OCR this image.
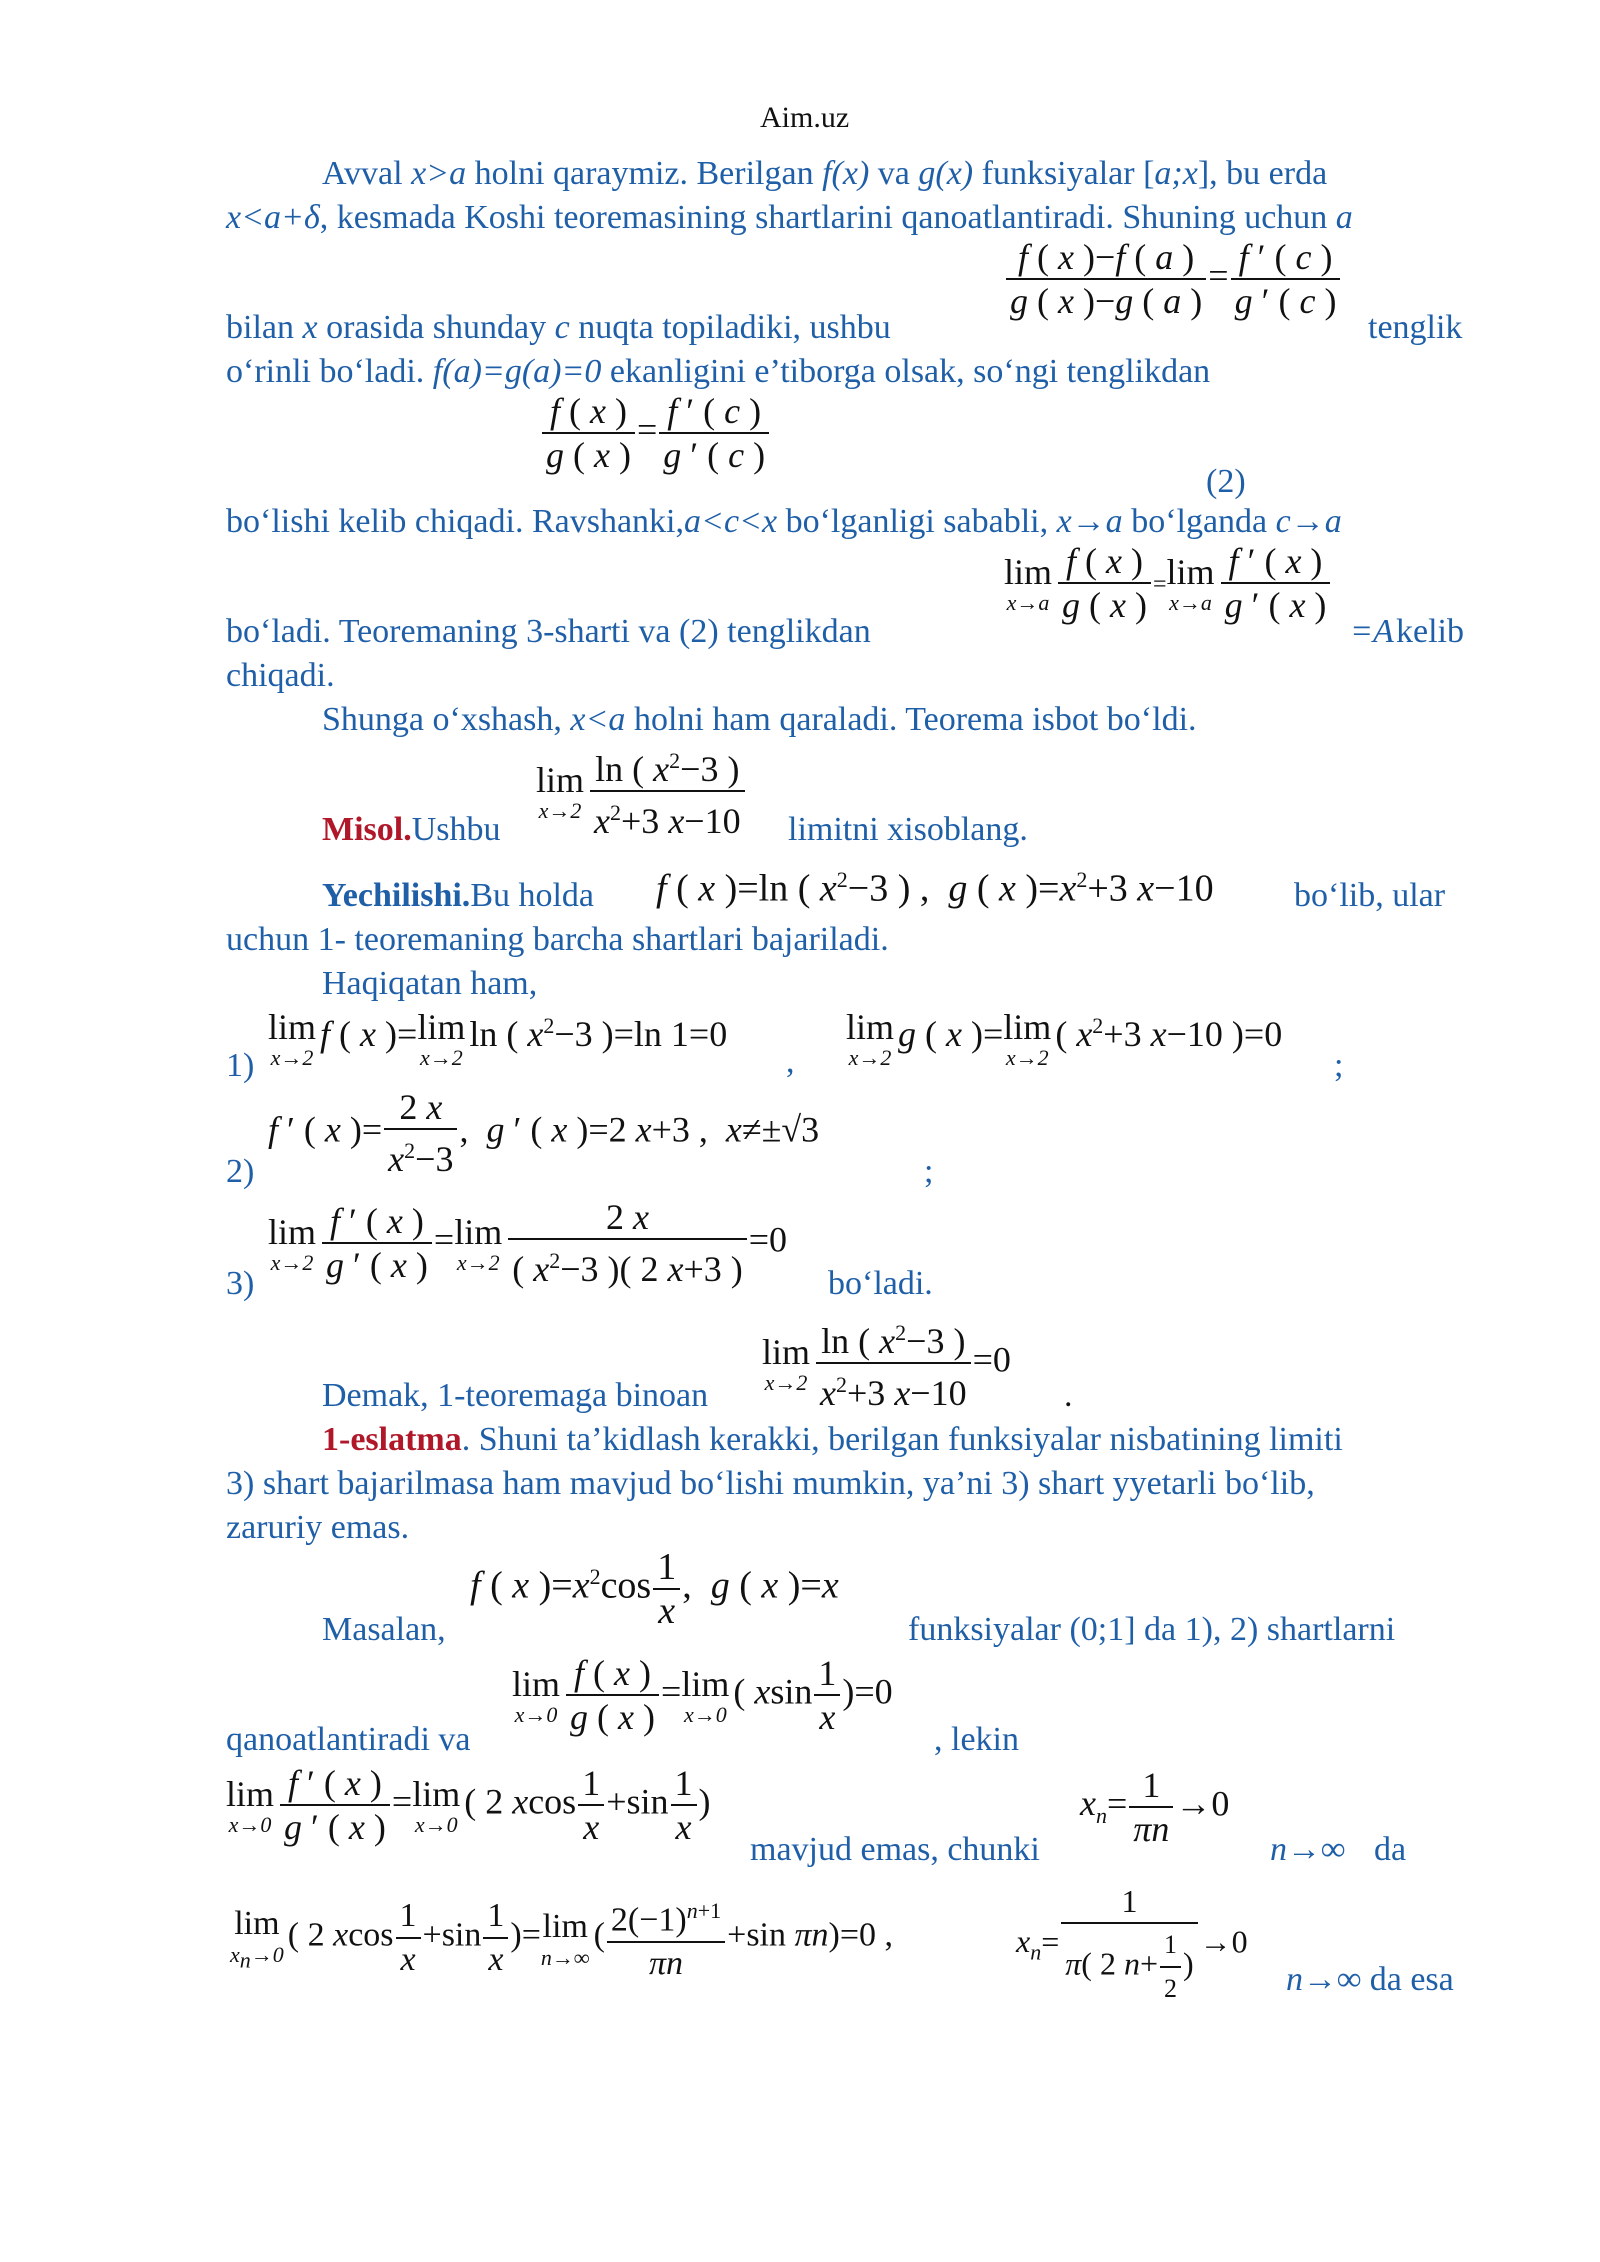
Aim.uz
Avval x>a holni qaraymiz. Berilgan f(x) va g(x) funksiyalar [a;x], bu erda
x<a+δ, kesmada Koshi teoremasining shartlarini qanoatlantiradi. Shuning uchun a
$\frac{f ( x )-f ( a )}{g ( x )-g ( a )} = \frac{f ' ( c )}{g ' ( c )}$
bilan x orasida shunday c nuqta topiladiki, ushbu	tenglik
o‘rinli bo‘ladi. f(a)=g(a)=0 ekanligini e’tiborga olsak, so‘ngi tenglikdan
$\frac{f ( x )}{g ( x )} = \frac{f ' ( c )}{g ' ( c )}$
(2)
bo‘lishi kelib chiqadi. Ravshanki,a<c<x bo‘lganligi sababli, x→a bo‘lganda c→a
lim
$x\to a \frac{f ( x )}{g ( x )} = \lim$
$x\to a \frac{f ' ( x )}{g ' ( x )}$
bo‘ladi. Teoremaning 3-sharti va (2) tenglikdan	=A kelib
chiqadi.
Shunga o‘xshash, x<a holni ham qaraladi. Teorema isbot bo‘ldi.
lim
$x\to 2 \frac{\ln ( x^2-3 )}{x^2+3 x-10}$
Misol.Ushbu	limitni xisoblang.
Yechilishi.Bu holda f ( x )=ln ( $x^2-3$ ) ,  g ( x )$=x^2+3$ x−10 bo‘lib, ular
uchun 1- teoremaning barcha shartlari bajariladi.
Haqiqatan ham,
lim
x→2
f ( x )= lim
x→2
ln ( $x^2-3$ )=ln 1=0
1)	,
lim
x→2
g ( x )= lim
x→2
( $x^2+3$ x−10 )=0
;
f ′ ( x )= $\frac{2 x}{x^2-3}$ ,  g ′ ( x )=2 x+3 ,  x≠±√3
2)	;
lim
$x\to 2 \frac{f ' ( x )}{g ' ( x )} = \lim$
$x\to 2 \frac{2 x}{( x^2-3 )( 2 x+3 )} =0$
3)	bo‘ladi.
lim
$x\to 2 \frac{\ln ( x^2-3 )}{x^2+3 x-10} =0$
Demak, 1-teoremaga binoan	.
1-eslatma. Shuni ta’kidlash kerakki, berilgan funksiyalar nisbatining limiti
3) shart bajarilmasa ham mavjud bo‘lishi mumkin, ya’ni 3) shart yyetarli bo‘lib,
zaruriy emas.
f ( x )$=x^2\cos \frac{1}{x}$ ,  g ( x )=x
Masalan,	funksiyalar (0;1] da 1), 2) shartlarni
lim
$x\to 0 \frac{f ( x )}{g ( x )} = \lim$
x→0
( xsin $\frac{1}{x} )=0$
qanoatlantiradi va	, lekin
lim
$x\to 0 \frac{f ' ( x )}{g ' ( x )} = \lim$
x→0
( 2 xcos $\frac{1}{x} +\sin \frac{1}{x}$ )
mavjud emas, chunki
$x_n= \frac{1}{\pi n} \to 0$
n→∞ da
lim
$x_n\to 0$
( 2 xcos $\frac{1}{x} +\sin \frac{1}{x}$ )= lim
n→∞
( $\frac{2(-1)^{n+1}}{\pi n} +\sin$ πn)=0 ,	$x_n= \frac{1}{\pi( 2 n+ \frac{1}{2} )} \to 0$
n→∞ da esa
